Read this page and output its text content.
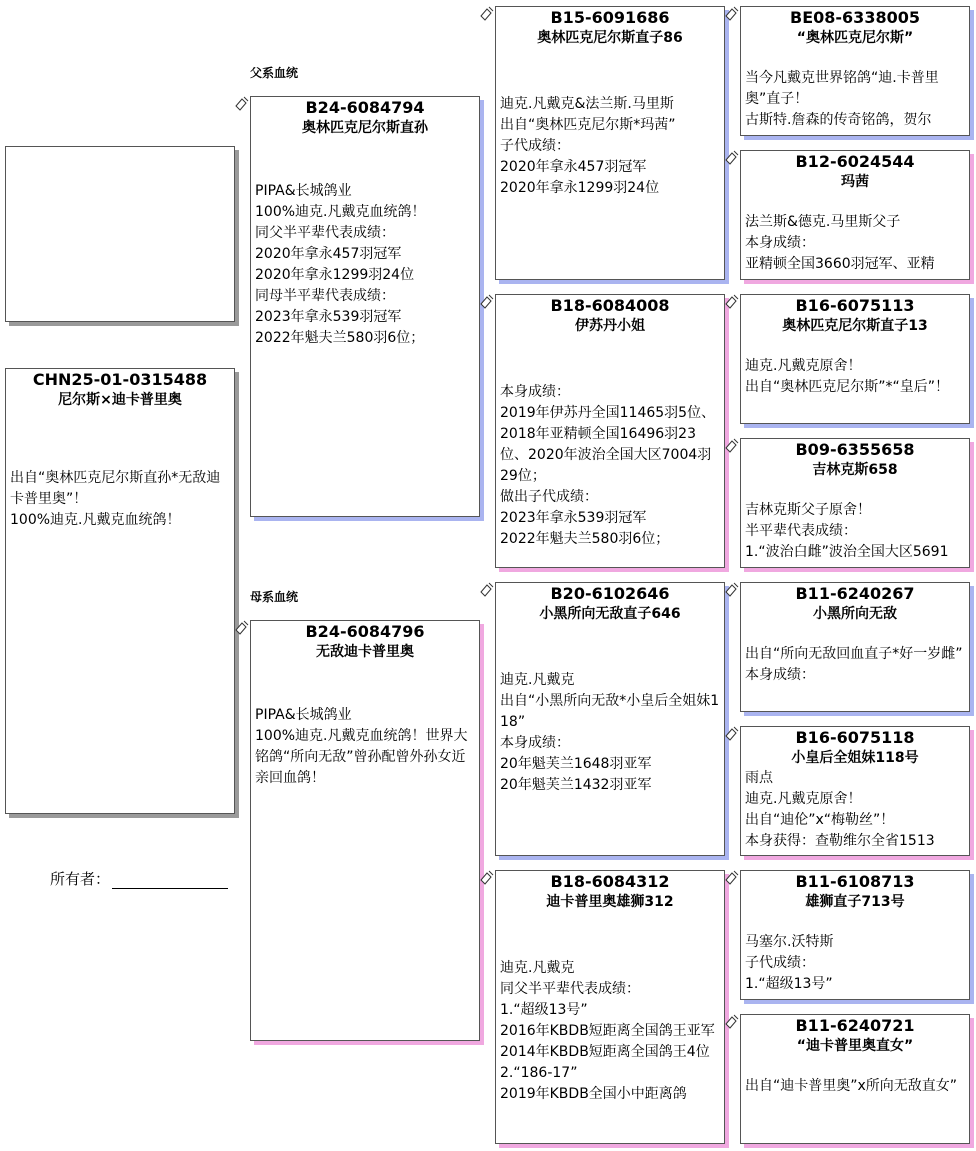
CHN25-01-0315488
尼尔斯×迪卡普里奥
出自“奥林匹克尼尔斯直孙*无敌迪卡普里奥”！
100%迪克.凡戴克血统鸽！
所有者：
父系血统
母系血统
B24-6084794
奥林匹克尼尔斯直孙
PIPA&长城鸽业
100%迪克.凡戴克血统鸽！
同父半平辈代表成绩：
2020年拿永457羽冠军
2020年拿永1299羽24位
同母半平辈代表成绩：
2023年拿永539羽冠军
2022年魁夫兰580羽6位；
B24-6084796
无敌迪卡普里奥
PIPA&长城鸽业
100%迪克.凡戴克血统鸽！世界大铭鸽“所向无敌”曾孙配曾外孙女近亲回血鸽！
B15-6091686
奥林匹克尼尔斯直子86
迪克.凡戴克&法兰斯.马里斯
出自“奥林匹克尼尔斯*玛茜”
子代成绩：
2020年拿永457羽冠军
2020年拿永1299羽24位
B18-6084008
伊苏丹小姐
本身成绩：
2019年伊苏丹全国11465羽5位、2018年亚精顿全国16496羽23位、2020年波治全国大区7004羽29位；
做出子代成绩：
2023年拿永539羽冠军
2022年魁夫兰580羽6位；
B20-6102646
小黑所向无敌直子646
迪克.凡戴克
出自“小黑所向无敌*小皇后全姐妹118”
本身成绩：
20年魁芙兰1648羽亚军
20年魁芙兰1432羽亚军
B18-6084312
迪卡普里奥雄狮312
迪克.凡戴克
同父半平辈代表成绩：
1.“超级13号”
2016年KBDB短距离全国鸽王亚军
2014年KBDB短距离全国鸽王4位
2.“186-17”
2019年KBDB全国小中距离鸽
BE08-6338005
“奥林匹克尼尔斯”
当今凡戴克世界铭鸽“迪.卡普里奥”直子！
古斯特.詹森的传奇铭鸽，贺尔
B12-6024544
玛茜
法兰斯&德克.马里斯父子
本身成绩：
亚精顿全国3660羽冠军、亚精
B16-6075113
奥林匹克尼尔斯直子13
迪克.凡戴克原舍！
出自“奥林匹克尼尔斯”*“皇后”！
B09-6355658
吉林克斯658
吉林克斯父子原舍！
半平辈代表成绩：
1.“波治白雌”波治全国大区5691
B11-6240267
小黑所向无敌
出自“所向无敌回血直子*好一岁雌”
本身成绩：
B16-6075118
小皇后全姐妹118号
雨点
迪克.凡戴克原舍！
出自“迪伦”x“梅勒丝”！
本身获得：查勒维尔全省1513
B11-6108713
雄狮直子713号
马塞尔.沃特斯
子代成绩：
1.“超级13号”
B11-6240721
“迪卡普里奥直女”
出自“迪卡普里奥”x所向无敌直女”
